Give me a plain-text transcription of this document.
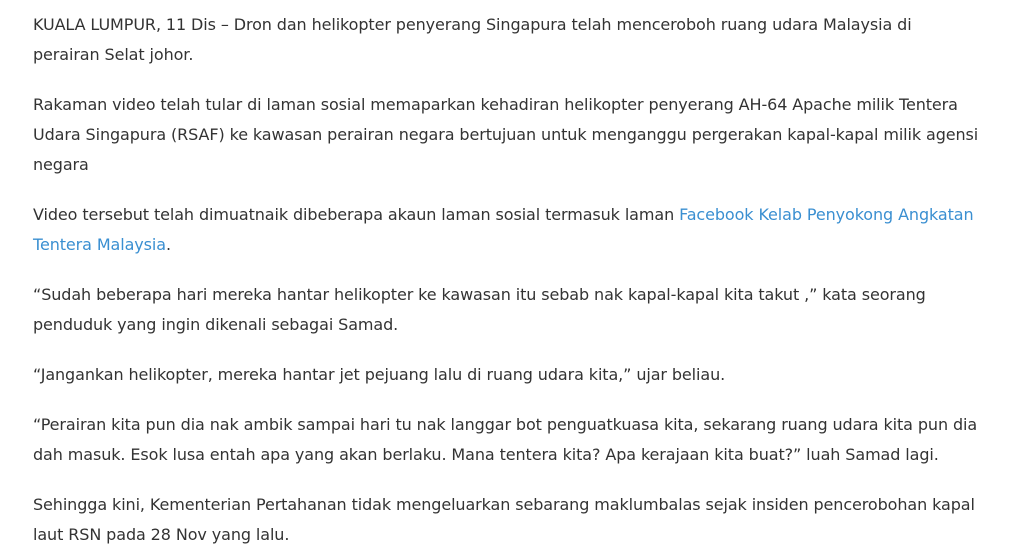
KUALA LUMPUR, 11 Dis – Dron dan helikopter penyerang Singapura telah menceroboh ruang udara Malaysia di perairan Selat johor.

Rakaman video telah tular di laman sosial memaparkan kehadiran helikopter penyerang AH-64 Apache milik Tentera Udara Singapura (RSAF) ke kawasan perairan negara bertujuan untuk menganggu pergerakan kapal-kapal milik agensi negara

Video tersebut telah dimuatnaik dibeberapa akaun laman sosial termasuk laman Facebook Kelab Penyokong Angkatan Tentera Malaysia.

“Sudah beberapa hari mereka hantar helikopter ke kawasan itu sebab nak kapal-kapal kita takut ,” kata seorang penduduk yang ingin dikenali sebagai Samad.

“Jangankan helikopter, mereka hantar jet pejuang lalu di ruang udara kita,” ujar beliau.

“Perairan kita pun dia nak ambik sampai hari tu nak langgar bot penguatkuasa kita, sekarang ruang udara kita pun dia dah masuk. Esok lusa entah apa yang akan berlaku. Mana tentera kita? Apa kerajaan kita buat?” luah Samad lagi.

Sehingga kini, Kementerian Pertahanan tidak mengeluarkan sebarang maklumbalas sejak insiden pencerobohan kapal laut RSN pada 28 Nov yang lalu.
